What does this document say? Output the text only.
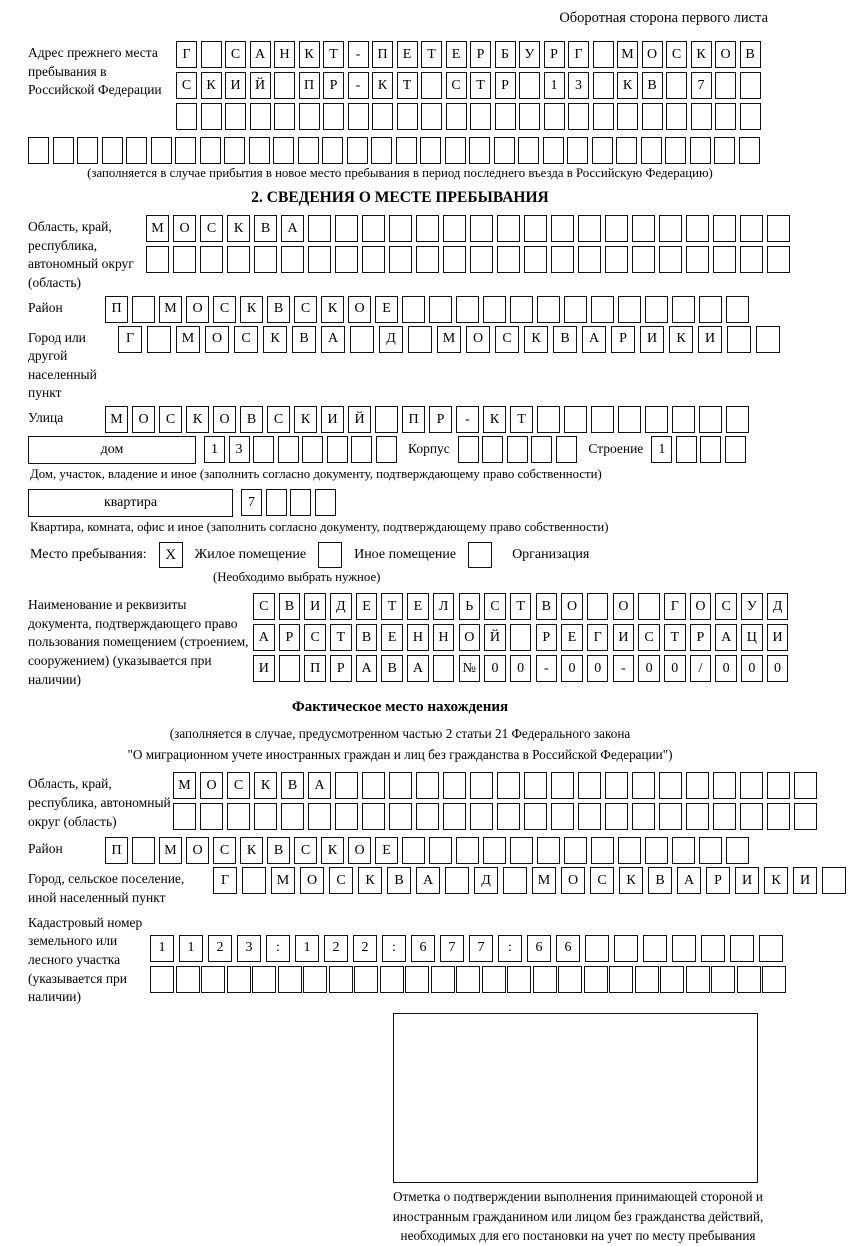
Оборотная сторона первого листа
Адрес прежнего места пребывания в Российской Федерации
Г	С	А	Н	К	Т	-	П	Е	Т	Е	Р	Б	У	Р	Г	М О	С	К	О	В
С	К	И	Й	П	Р	-	К	Т	С	Т	Р	1	3	К	В	7
(заполняется в случае прибытия в новое место пребывания в период последнего въезда в Российскую Федерацию)
2. СВЕДЕНИЯ О МЕСТЕ ПРЕБЫВАНИЯ
Область, край, республика, автономный округ (область)
М	О	С	К	В	А
Район	П	М	О	С	К	В	С	К	О	Е
Город или другой населенный пункт
Г	М	О	С	К	В	А	Д	М	О	С	К	В	А	Р	И	К	И
Улица	М	О	С	К	О	В	С	К	И	Й	П	Р	-	К	Т
дом	1	3	Корпус	Строение	1
Дом, участок, владение и иное (заполнить согласно документу, подтверждающему право собственности)
квартира	7
Квартира, комната, офис и иное (заполнить согласно документу, подтверждающему право собственности)
Место пребывания:	X	Жилое помещение	Иное помещение	Организация
(Необходимо выбрать нужное)
Наименование и реквизиты документа, подтверждающего право пользования помещением (строением, сооружением) (указывается при наличии)
С	В	И	Д	Е	Т	Е	Л	Ь	С	Т	В	О	О	Г	О	С	У	Д
А	Р	С	Т	В	Е	Н	Н	О	Й	Р	Е	Г	И	С	Т	Р	А	Ц	И
И	П	Р	А	В	А	№	0	0	-	0	0	-	0	0	/	0	0	0
Фактическое место нахождения
(заполняется в случае, предусмотренном частью 2 статьи 21 Федерального закона
"О миграционном учете иностранных граждан и лиц без гражданства в Российской Федерации")
Область, край, республика, автономный округ (область)
М	О	С	К	В	А
Район	П	М	О	С	К	В	С	К	О	Е
Город, сельское поселение, иной населенный пункт
Г	М	О	С	К	В	А	Д	М	О	С	К	В	А	Р	И	К	И
Кадастровый номер земельного или лесного участка (указывается при наличии)
1	1	2	3	:	1	2	2	:	6	7	7	:	6	6
Отметка о подтверждении выполнения принимающей стороной и иностранным гражданином или лицом без гражданства действий, необходимых для его постановки на учет по месту пребывания
